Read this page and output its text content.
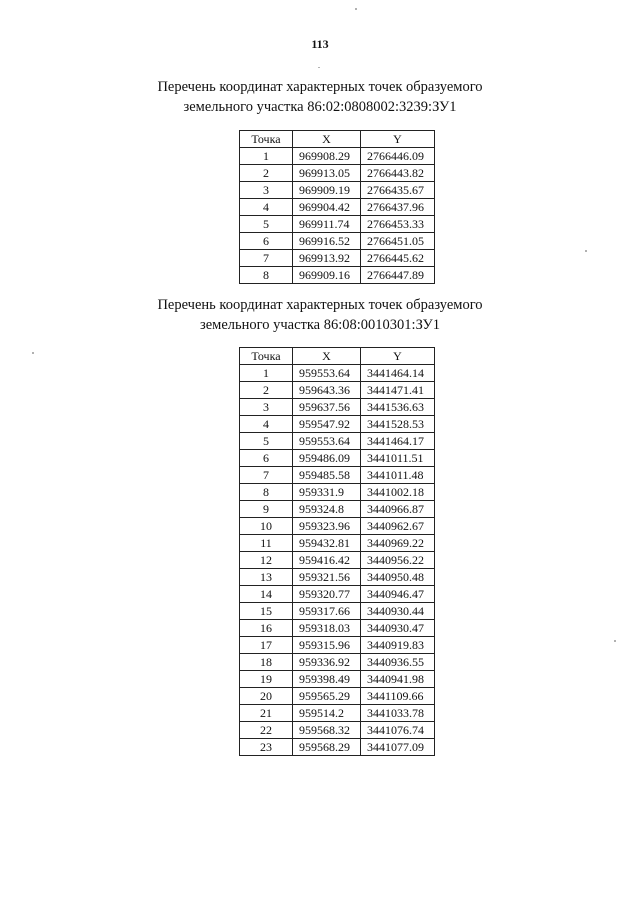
113
Перечень координат характерных точек образуемого
земельного участка 86:02:0808002:3239:ЗУ1
Точка	X	Y
1	969908.29	2766446.09
2	969913.05	2766443.82
3	969909.19	2766435.67
4	969904.42	2766437.96
5	969911.74	2766453.33
6	969916.52	2766451.05
7	969913.92	2766445.62
8	969909.16	2766447.89
Перечень координат характерных точек образуемого
земельного участка 86:08:0010301:ЗУ1
Точка	X	Y
1	959553.64	3441464.14
2	959643.36	3441471.41
3	959637.56	3441536.63
4	959547.92	3441528.53
5	959553.64	3441464.17
6	959486.09	3441011.51
7	959485.58	3441011.48
8	959331.9	3441002.18
9	959324.8	3440966.87
10	959323.96	3440962.67
11	959432.81	3440969.22
12	959416.42	3440956.22
13	959321.56	3440950.48
14	959320.77	3440946.47
15	959317.66	3440930.44
16	959318.03	3440930.47
17	959315.96	3440919.83
18	959336.92	3440936.55
19	959398.49	3440941.98
20	959565.29	3441109.66
21	959514.2	3441033.78
22	959568.32	3441076.74
23	959568.29	3441077.09
